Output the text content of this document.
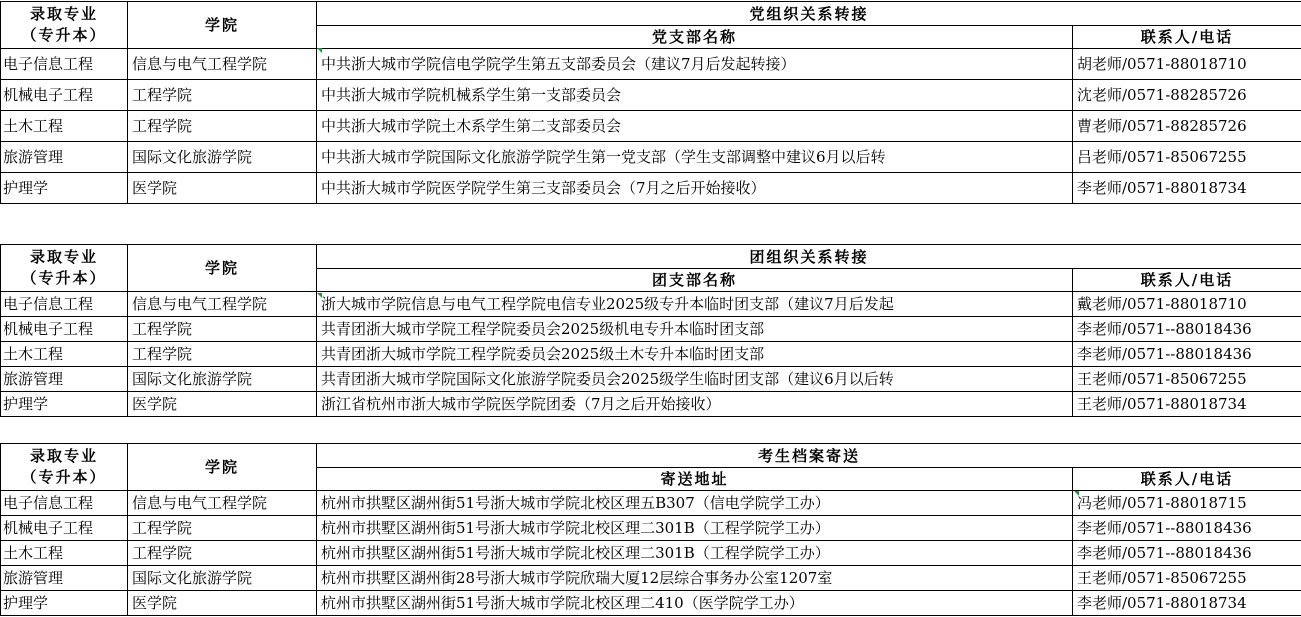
录取专业
（专升本）	学院	党组织关系转接	
		党支部名称	联系人/电话
电子信息工程	信息与电气工程学院	中共浙大城市学院信电学院学生第五支部委员会（建议7月后发起转接）	胡老师/0571-88018710
机械电子工程	工程学院	中共浙大城市学院机械系学生第一支部委员会	沈老师/0571-88285726
土木工程	工程学院	中共浙大城市学院土木系学生第二支部委员会	曹老师/0571-88285726
旅游管理	国际文化旅游学院	中共浙大城市学院国际文化旅游学院学生第一党支部（学生支部调整中建议6月以后转	吕老师/0571-85067255
护理学	医学院	中共浙大城市学院医学院学生第三支部委员会（7月之后开始接收）	李老师/0571-88018734
录取专业
（专升本）	学院	团组织关系转接	
		团支部名称	联系人/电话
电子信息工程	信息与电气工程学院	浙大城市学院信息与电气工程学院电信专业2025级专升本临时团支部（建议7月后发起	戴老师/0571-88018710
机械电子工程	工程学院	共青团浙大城市学院工程学院委员会2025级机电专升本临时团支部	李老师/0571--88018436
土木工程	工程学院	共青团浙大城市学院工程学院委员会2025级土木专升本临时团支部	李老师/0571--88018436
旅游管理	国际文化旅游学院	共青团浙大城市学院国际文化旅游学院委员会2025级学生临时团支部（建议6月以后转	王老师/0571-85067255
护理学	医学院	浙江省杭州市浙大城市学院医学院团委（7月之后开始接收）	王老师/0571-88018734
录取专业
（专升本）	学院	考生档案寄送	
		寄送地址	联系人/电话
电子信息工程	信息与电气工程学院	杭州市拱墅区湖州街51号浙大城市学院北校区理五B307（信电学院学工办）	冯老师/0571-88018715
机械电子工程	工程学院	杭州市拱墅区湖州街51号浙大城市学院北校区理二301B（工程学院学工办）	李老师/0571--88018436
土木工程	工程学院	杭州市拱墅区湖州街51号浙大城市学院北校区理二301B（工程学院学工办）	李老师/0571--88018436
旅游管理	国际文化旅游学院	杭州市拱墅区湖州街28号浙大城市学院欣瑞大厦12层综合事务办公室1207室	王老师/0571-85067255
护理学	医学院	杭州市拱墅区湖州街51号浙大城市学院北校区理二410（医学院学工办）	李老师/0571-88018734
